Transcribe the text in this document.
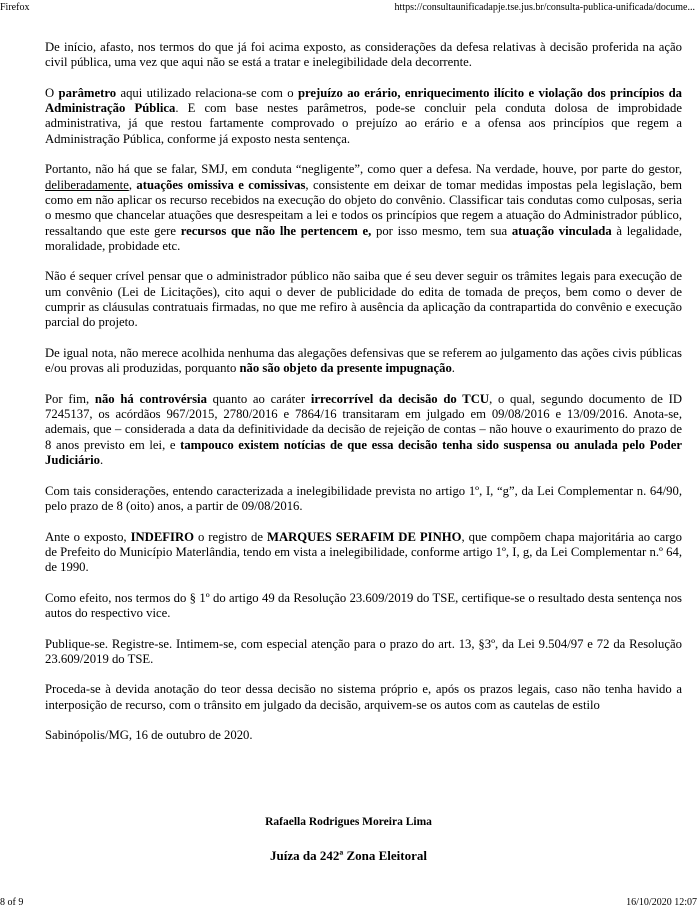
Firefox	https://consultaunificadapje.tse.jus.br/consulta-publica-unificada/docume...

De início, afasto, nos termos do que já foi acima exposto, as considerações da defesa relativas à decisão proferida na ação civil pública, uma vez que aqui não se está a tratar e inelegibilidade dela decorrente.

O parâmetro aqui utilizado relaciona-se com o prejuízo ao erário, enriquecimento ilícito e violação dos princípios da Administração Pública. E com base nestes parâmetros, pode-se concluir pela conduta dolosa de improbidade administrativa, já que restou fartamente comprovado o prejuízo ao erário e a ofensa aos princípios que regem a Administração Pública, conforme já exposto nesta sentença.

Portanto, não há que se falar, SMJ, em conduta “negligente”, como quer a defesa. Na verdade, houve, por parte do gestor, deliberadamente, atuações omissiva e comissivas, consistente em deixar de tomar medidas impostas pela legislação, bem como em não aplicar os recurso recebidos na execução do objeto do convênio. Classificar tais condutas como culposas, seria o mesmo que chancelar atuações que desrespeitam a lei e todos os princípios que regem a atuação do Administrador público, ressaltando que este gere recursos que não lhe pertencem e, por isso mesmo, tem sua atuação vinculada à legalidade, moralidade, probidade etc.

Não é sequer crível pensar que o administrador público não saiba que é seu dever seguir os trâmites legais para execução de um convênio (Lei de Licitações), cito aqui o dever de publicidade do edita de tomada de preços, bem como o dever de cumprir as cláusulas contratuais firmadas, no que me refiro à ausência da aplicação da contrapartida do convênio e execução parcial do projeto.

De igual nota, não merece acolhida nenhuma das alegações defensivas que se referem ao julgamento das ações civis públicas e/ou provas ali produzidas, porquanto não são objeto da presente impugnação.

Por fim, não há controvérsia quanto ao caráter irrecorrível da decisão do TCU, o qual, segundo documento de ID 7245137, os acórdãos 967/2015, 2780/2016 e 7864/16 transitaram em julgado em 09/08/2016 e 13/09/2016. Anota-se, ademais, que – considerada a data da definitividade da decisão de rejeição de contas – não houve o exaurimento do prazo de 8 anos previsto em lei, e tampouco existem notícias de que essa decisão tenha sido suspensa ou anulada pelo Poder Judiciário.

Com tais considerações, entendo caracterizada a inelegibilidade prevista no artigo 1º, I, “g”, da Lei Complementar n. 64/90, pelo prazo de 8 (oito) anos, a partir de 09/08/2016.

Ante o exposto, INDEFIRO o registro de MARQUES SERAFIM DE PINHO, que compõem chapa majoritária ao cargo de Prefeito do Município Materlândia, tendo em vista a inelegibilidade, conforme artigo 1º, I, g, da Lei Complementar n.º 64, de 1990.

Como efeito, nos termos do § 1º do artigo 49 da Resolução 23.609/2019 do TSE, certifique-se o resultado desta sentença nos autos do respectivo vice.

Publique-se. Registre-se. Intimem-se, com especial atenção para o prazo do art. 13, §3º, da Lei 9.504/97 e 72 da Resolução 23.609/2019 do TSE.

Proceda-se à devida anotação do teor dessa decisão no sistema próprio e, após os prazos legais, caso não tenha havido a interposição de recurso, com o trânsito em julgado da decisão, arquivem-se os autos com as cautelas de estilo

Sabinópolis/MG, 16 de outubro de 2020.

Rafaella Rodrigues Moreira Lima
Juíza da 242ª Zona Eleitoral
8 of 9	16/10/2020 12:07
